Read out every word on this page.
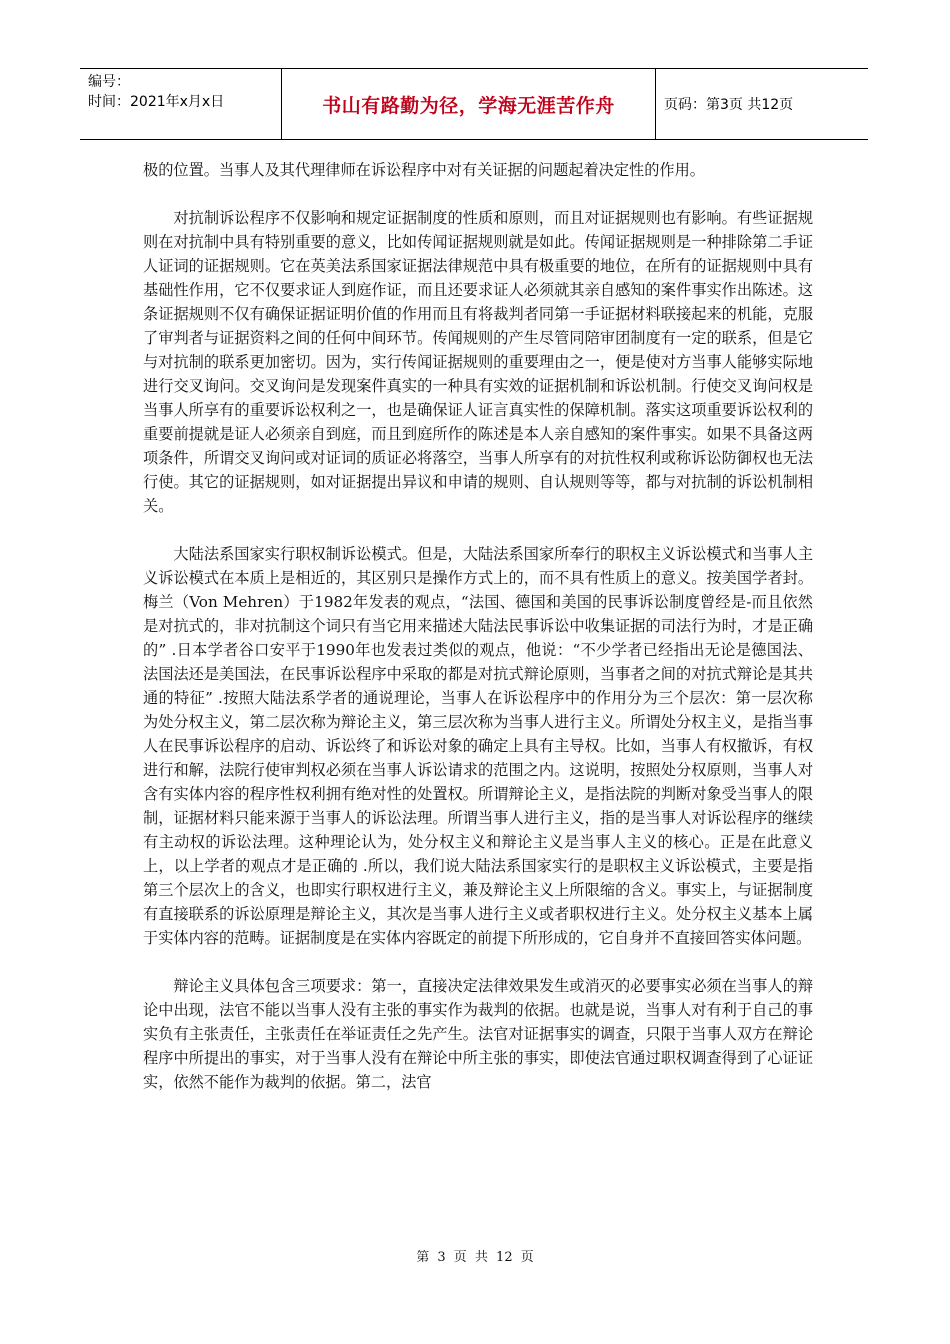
编号：
时间：2021年x月x日	书山有路勤为径，学海无涯苦作舟	页码：第3页 共12页

极的位置。当事人及其代理律师在诉讼程序中对有关证据的问题起着决定性的作用。

对抗制诉讼程序不仅影响和规定证据制度的性质和原则，而且对证据规则也有影响。有些证据规则在对抗制中具有特别重要的意义，比如传闻证据规则就是如此。传闻证据规则是一种排除第二手证人证词的证据规则。它在英美法系国家证据法律规范中具有极重要的地位，在所有的证据规则中具有基础性作用，它不仅要求证人到庭作证，而且还要求证人必须就其亲自感知的案件事实作出陈述。这条证据规则不仅有确保证据证明价值的作用而且有将裁判者同第一手证据材料联接起来的机能，克服了审判者与证据资料之间的任何中间环节。传闻规则的产生尽管同陪审团制度有一定的联系，但是它与对抗制的联系更加密切。因为，实行传闻证据规则的重要理由之一，便是使对方当事人能够实际地进行交叉询问。交叉询问是发现案件真实的一种具有实效的证据机制和诉讼机制。行使交叉询问权是当事人所享有的重要诉讼权利之一，也是确保证人证言真实性的保障机制。落实这项重要诉讼权利的重要前提就是证人必须亲自到庭，而且到庭所作的陈述是本人亲自感知的案件事实。如果不具备这两项条件，所谓交叉询问或对证词的质证必将落空，当事人所享有的对抗性权利或称诉讼防御权也无法行使。其它的证据规则，如对证据提出异议和申请的规则、自认规则等等，都与对抗制的诉讼机制相关。

大陆法系国家实行职权制诉讼模式。但是，大陆法系国家所奉行的职权主义诉讼模式和当事人主义诉讼模式在本质上是相近的，其区别只是操作方式上的，而不具有性质上的意义。按美国学者封。梅兰（Von Mehren）于1982年发表的观点，“法国、德国和美国的民事诉讼制度曾经是-而且依然是对抗式的，非对抗制这个词只有当它用来描述大陆法民事诉讼中收集证据的司法行为时，才是正确的” .日本学者谷口安平于1990年也发表过类似的观点，他说：“不少学者已经指出无论是德国法、法国法还是美国法，在民事诉讼程序中采取的都是对抗式辩论原则，当事者之间的对抗式辩论是其共通的特征” .按照大陆法系学者的通说理论，当事人在诉讼程序中的作用分为三个层次：第一层次称为处分权主义，第二层次称为辩论主义，第三层次称为当事人进行主义。所谓处分权主义，是指当事人在民事诉讼程序的启动、诉讼终了和诉讼对象的确定上具有主导权。比如，当事人有权撤诉，有权进行和解，法院行使审判权必须在当事人诉讼请求的范围之内。这说明，按照处分权原则，当事人对含有实体内容的程序性权利拥有绝对性的处置权。所谓辩论主义，是指法院的判断对象受当事人的限制，证据材料只能来源于当事人的诉讼法理。所谓当事人进行主义，指的是当事人对诉讼程序的继续有主动权的诉讼法理。这种理论认为，处分权主义和辩论主义是当事人主义的核心。正是在此意义上，以上学者的观点才是正确的 .所以，我们说大陆法系国家实行的是职权主义诉讼模式，主要是指第三个层次上的含义，也即实行职权进行主义，兼及辩论主义上所限缩的含义。事实上，与证据制度有直接联系的诉讼原理是辩论主义，其次是当事人进行主义或者职权进行主义。处分权主义基本上属于实体内容的范畴。证据制度是在实体内容既定的前提下所形成的，它自身并不直接回答实体问题。

辩论主义具体包含三项要求：第一，直接决定法律效果发生或消灭的必要事实必须在当事人的辩论中出现，法官不能以当事人没有主张的事实作为裁判的依据。也就是说，当事人对有利于自己的事实负有主张责任，主张责任在举证责任之先产生。法官对证据事实的调查，只限于当事人双方在辩论程序中所提出的事实，对于当事人没有在辩论中所主张的事实，即使法官通过职权调查得到了心证证实，依然不能作为裁判的依据。第二，法官

第 3 页 共 12 页
